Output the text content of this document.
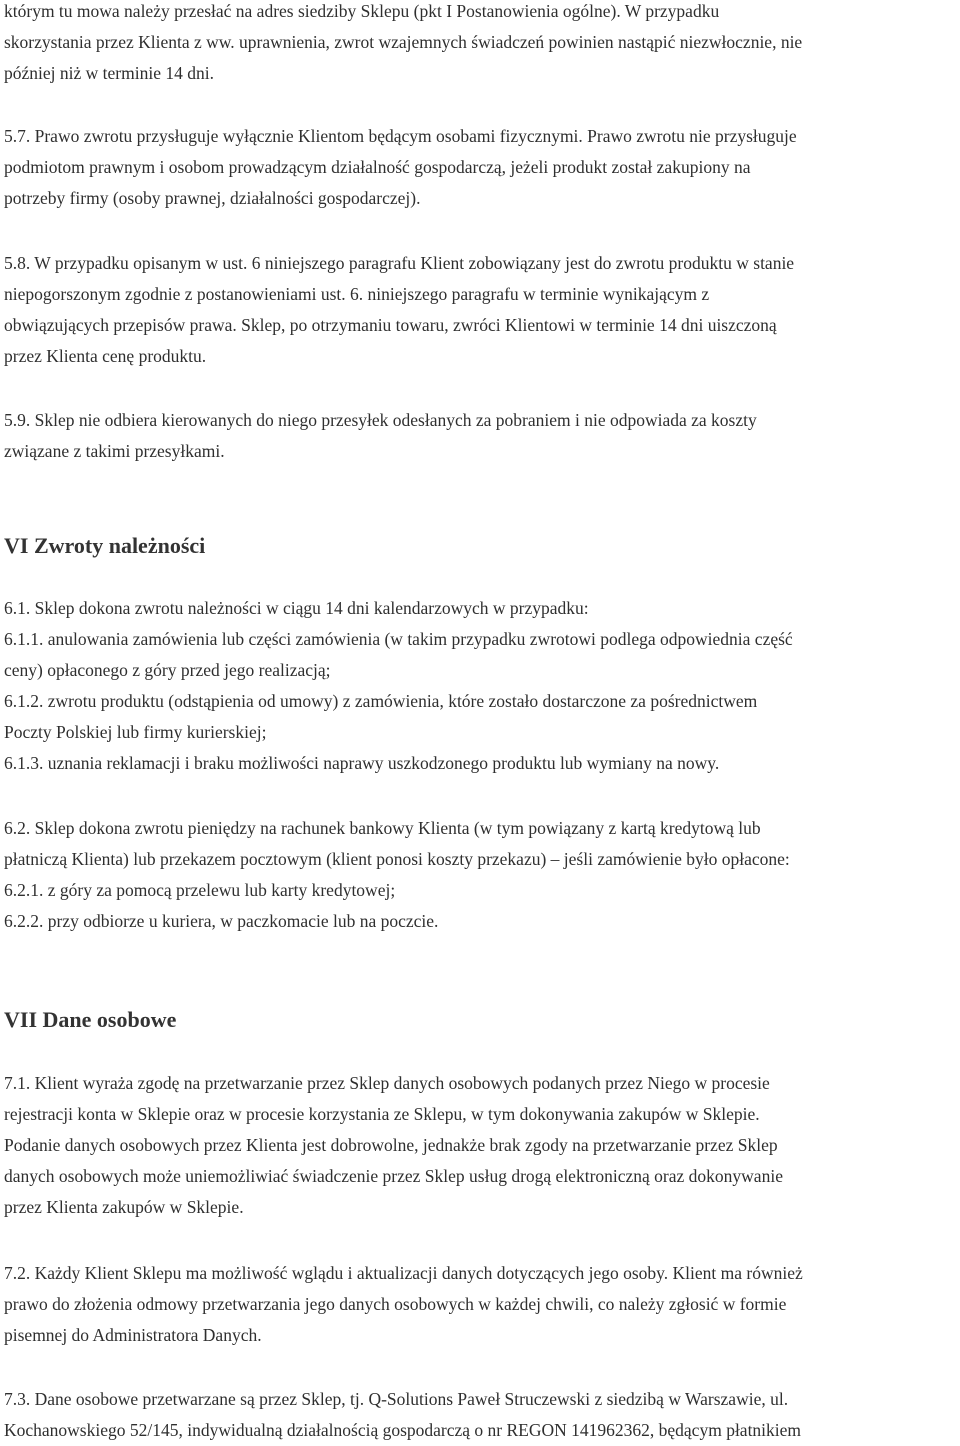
którym tu mowa należy przesłać na adres siedziby Sklepu (pkt I Postanowienia ogólne). W przypadku
skorzystania przez Klienta z ww. uprawnienia, zwrot wzajemnych świadczeń powinien nastąpić niezwłocznie, nie
później niż w terminie 14 dni.
5.7. Prawo zwrotu przysługuje wyłącznie Klientom będącym osobami fizycznymi. Prawo zwrotu nie przysługuje
podmiotom prawnym i osobom prowadzącym działalność gospodarczą, jeżeli produkt został zakupiony na
potrzeby firmy (osoby prawnej, działalności gospodarczej).
5.8. W przypadku opisanym w ust. 6 niniejszego paragrafu Klient zobowiązany jest do zwrotu produktu w stanie
niepogorszonym zgodnie z postanowieniami ust. 6. niniejszego paragrafu w terminie wynikającym z
obwiązujących przepisów prawa. Sklep, po otrzymaniu towaru, zwróci Klientowi w terminie 14 dni uiszczoną
przez Klienta cenę produktu.
5.9. Sklep nie odbiera kierowanych do niego przesyłek odesłanych za pobraniem i nie odpowiada za koszty
związane z takimi przesyłkami.
VI Zwroty należności
6.1. Sklep dokona zwrotu należności w ciągu 14 dni kalendarzowych w przypadku:
6.1.1. anulowania zamówienia lub części zamówienia (w takim przypadku zwrotowi podlega odpowiednia część
ceny) opłaconego z góry przed jego realizacją;
6.1.2. zwrotu produktu (odstąpienia od umowy) z zamówienia, które zostało dostarczone za pośrednictwem
Poczty Polskiej lub firmy kurierskiej;
6.1.3. uznania reklamacji i braku możliwości naprawy uszkodzonego produktu lub wymiany na nowy.
6.2. Sklep dokona zwrotu pieniędzy na rachunek bankowy Klienta (w tym powiązany z kartą kredytową lub
płatniczą Klienta) lub przekazem pocztowym (klient ponosi koszty przekazu) – jeśli zamówienie było opłacone:
6.2.1. z góry za pomocą przelewu lub karty kredytowej;
6.2.2. przy odbiorze u kuriera, w paczkomacie lub na poczcie.
VII Dane osobowe
7.1. Klient wyraża zgodę na przetwarzanie przez Sklep danych osobowych podanych przez Niego w procesie
rejestracji konta w Sklepie oraz w procesie korzystania ze Sklepu, w tym dokonywania zakupów w Sklepie.
Podanie danych osobowych przez Klienta jest dobrowolne, jednakże brak zgody na przetwarzanie przez Sklep
danych osobowych może uniemożliwiać świadczenie przez Sklep usług drogą elektroniczną oraz dokonywanie
przez Klienta zakupów w Sklepie.
7.2. Każdy Klient Sklepu ma możliwość wglądu i aktualizacji danych dotyczących jego osoby. Klient ma również
prawo do złożenia odmowy przetwarzania jego danych osobowych w każdej chwili, co należy zgłosić w formie
pisemnej do Administratora Danych.
7.3. Dane osobowe przetwarzane są przez Sklep, tj. Q-Solutions Paweł Struczewski z siedzibą w Warszawie, ul.
Kochanowskiego 52/145, indywidualną działalnością gospodarczą o nr REGON 141962362, będącym płatnikiem
